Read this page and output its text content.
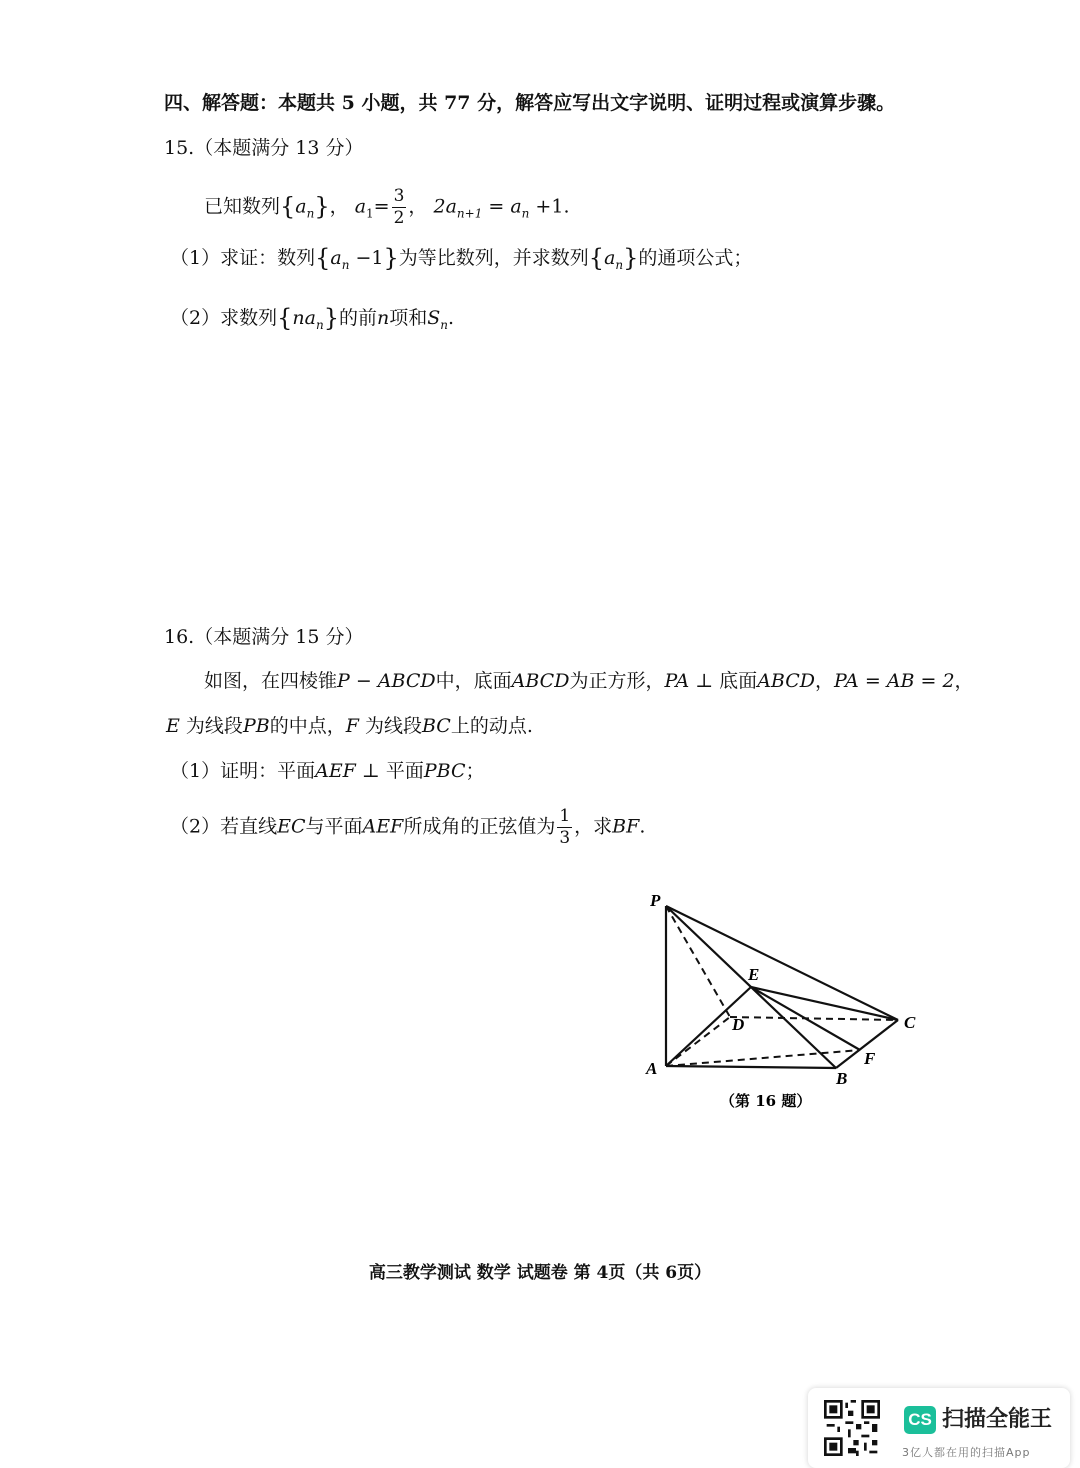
四、解答题：本题共 5 小题，共 77 分，解答应写出文字说明、证明过程或演算步骤。
15.（本题满分 13 分）
已知数列$\{a_n\}$， $a_1= \frac{3}{2}$ ， $2a_{n+1} = a_n +1$.
（1）求证：数列$\{a_n -1\}$为等比数列，并求数列$\{a_n\}$的通项公式；
（2）求数列$\{na_n\}$的前n项和$S_n$.
16.（本题满分 15 分）
如图，在四棱锥P − ABCD中，底面ABCD为正方形，PA ⊥ 底面ABCD，PA = AB = 2，
E 为线段PB的中点，F 为线段BC上的动点.
（1）证明：平面AEF ⊥ 平面PBC；
（2）若直线EC与平面AEF所成角的正弦值为 $\frac{1}{3}$ ，求BF.
P
A
B
C
D
E
F
（第 16 题）
高三教学测试 数学 试题卷 第 4页（共 6页）
CS 扫描全能王
3亿人都在用的扫描App
